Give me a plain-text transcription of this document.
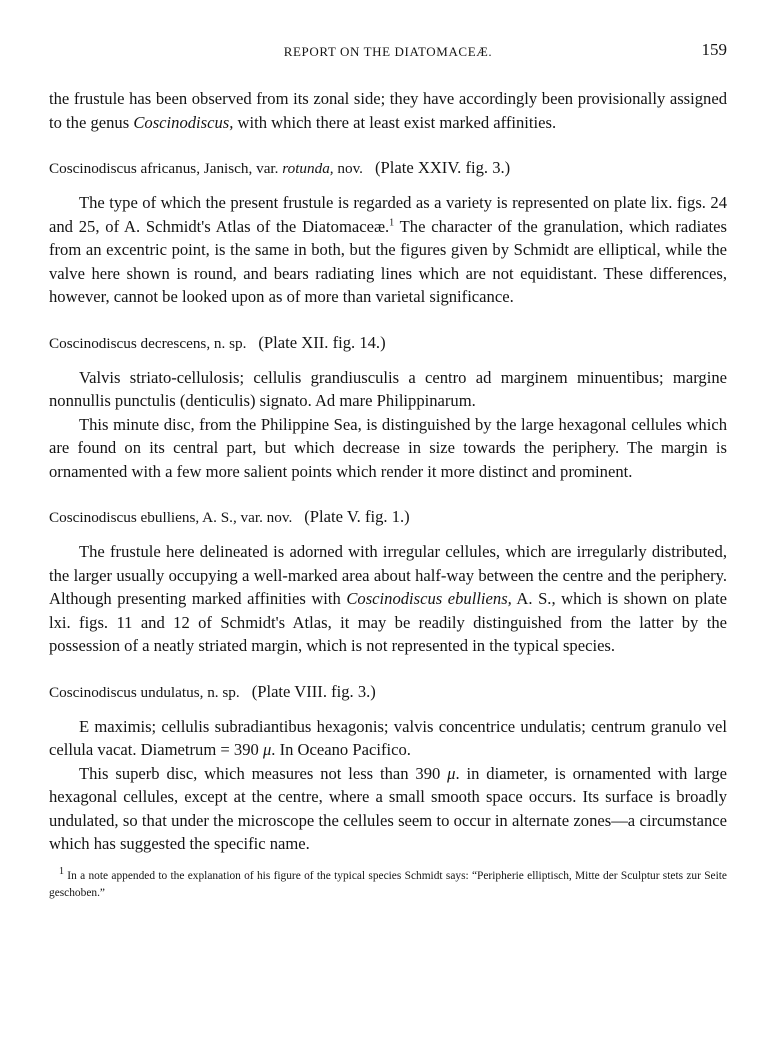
REPORT ON THE DIATOMACEÆ.	159

the frustule has been observed from its zonal side; they have accordingly been provisionally assigned to the genus Coscinodiscus, with which there at least exist marked affinities.

Coscinodiscus africanus, Janisch, var. rotunda, nov. (Plate XXIV. fig. 3.)

The type of which the present frustule is regarded as a variety is represented on plate lix. figs. 24 and 25, of A. Schmidt's Atlas of the Diatomaceæ.$^1$ The character of the granulation, which radiates from an excentric point, is the same in both, but the figures given by Schmidt are elliptical, while the valve here shown is round, and bears radiating lines which are not equidistant. These differences, however, cannot be looked upon as of more than varietal significance.

Coscinodiscus decrescens, n. sp. (Plate XII. fig. 14.)

Valvis striato-cellulosis; cellulis grandiusculis a centro ad marginem minuentibus; margine nonnullis punctulis (denticulis) signato. Ad mare Philippinarum.

This minute disc, from the Philippine Sea, is distinguished by the large hexagonal cellules which are found on its central part, but which decrease in size towards the periphery. The margin is ornamented with a few more salient points which render it more distinct and prominent.

Coscinodiscus ebulliens, A. S., var. nov. (Plate V. fig. 1.)

The frustule here delineated is adorned with irregular cellules, which are irregularly distributed, the larger usually occupying a well-marked area about half-way between the centre and the periphery. Although presenting marked affinities with Coscinodiscus ebulliens, A. S., which is shown on plate lxi. figs. 11 and 12 of Schmidt's Atlas, it may be readily distinguished from the latter by the possession of a neatly striated margin, which is not represented in the typical species.

Coscinodiscus undulatus, n. sp. (Plate VIII. fig. 3.)

E maximis; cellulis subradiantibus hexagonis; valvis concentrice undulatis; centrum granulo vel cellula vacat. Diametrum = 390 μ. In Oceano Pacifico.

This superb disc, which measures not less than 390 μ. in diameter, is ornamented with large hexagonal cellules, except at the centre, where a small smooth space occurs. Its surface is broadly undulated, so that under the microscope the cellules seem to occur in alternate zones—a circumstance which has suggested the specific name.

$^1$ In a note appended to the explanation of his figure of the typical species Schmidt says: “Peripherie elliptisch, Mitte der Sculptur stets zur Seite geschoben.”
